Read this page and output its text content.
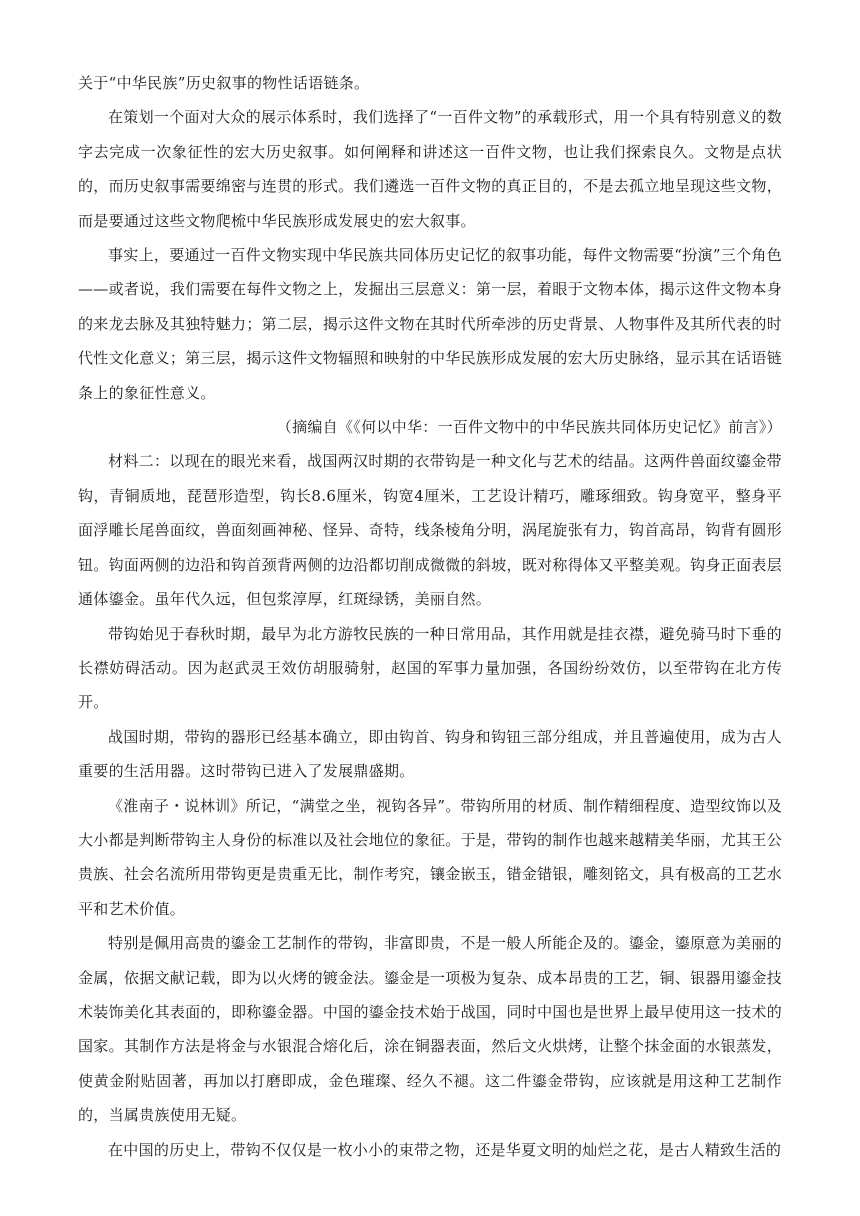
关于“中华民族”历史叙事的物性话语链条。

在策划一个面对大众的展示体系时，我们选择了“一百件文物”的承载形式，用一个具有特别意义的数字去完成一次象征性的宏大历史叙事。如何阐释和讲述这一百件文物，也让我们探索良久。文物是点状的，而历史叙事需要绵密与连贯的形式。我们遴选一百件文物的真正目的，不是去孤立地呈现这些文物，而是要通过这些文物爬梳中华民族形成发展史的宏大叙事。

事实上，要通过一百件文物实现中华民族共同体历史记忆的叙事功能，每件文物需要“扮演”三个角色——或者说，我们需要在每件文物之上，发掘出三层意义：第一层，着眼于文物本体，揭示这件文物本身的来龙去脉及其独特魅力；第二层，揭示这件文物在其时代所牵涉的历史背景、人物事件及其所代表的时代性文化意义；第三层，揭示这件文物辐照和映射的中华民族形成发展的宏大历史脉络，显示其在话语链条上的象征性意义。

（摘编自《《何以中华：一百件文物中的中华民族共同体历史记忆》前言》）

材料二：以现在的眼光来看，战国两汉时期的衣带钩是一种文化与艺术的结晶。这两件兽面纹鎏金带钩，青铜质地，琵琶形造型，钩长8.6厘米，钩宽4厘米，工艺设计精巧，雕琢细致。钩身宽平，整身平面浮雕长尾兽面纹，兽面刻画神秘、怪异、奇特，线条棱角分明，涡尾旋张有力，钩首高昂，钩背有圆形钮。钩面两侧的边沿和钩首颈背两侧的边沿都切削成微微的斜坡，既对称得体又平整美观。钩身正面表层通体鎏金。虽年代久远，但包浆淳厚，红斑绿锈，美丽自然。

带钩始见于春秋时期，最早为北方游牧民族的一种日常用品，其作用就是挂衣襟，避免骑马时下垂的长襟妨碍活动。因为赵武灵王效仿胡服骑射，赵国的军事力量加强，各国纷纷效仿，以至带钩在北方传开。

战国时期，带钩的器形已经基本确立，即由钩首、钩身和钩钮三部分组成，并且普遍使用，成为古人重要的生活用器。这时带钩已进入了发展鼎盛期。

《淮南子・说林训》所记，“满堂之坐，视钩各异”。带钩所用的材质、制作精细程度、造型纹饰以及大小都是判断带钩主人身份的标准以及社会地位的象征。于是，带钩的制作也越来越精美华丽，尤其王公贵族、社会名流所用带钩更是贵重无比，制作考究，镶金嵌玉，错金错银，雕刻铭文，具有极高的工艺水平和艺术价值。

特别是佩用高贵的鎏金工艺制作的带钩，非富即贵，不是一般人所能企及的。鎏金，鎏原意为美丽的金属，依据文献记载，即为以火烤的镀金法。鎏金是一项极为复杂、成本昂贵的工艺，铜、银器用鎏金技术装饰美化其表面的，即称鎏金器。中国的鎏金技术始于战国，同时中国也是世界上最早使用这一技术的国家。其制作方法是将金与水银混合熔化后，涂在铜器表面，然后文火烘烤，让整个抹金面的水银蒸发，使黄金附贴固著，再加以打磨即成，金色璀璨、经久不褪。这二件鎏金带钩，应该就是用这种工艺制作的，当属贵族使用无疑。

在中国的历史上，带钩不仅仅是一枚小小的束带之物，还是华夏文明的灿烂之花，是古人精致生活的
